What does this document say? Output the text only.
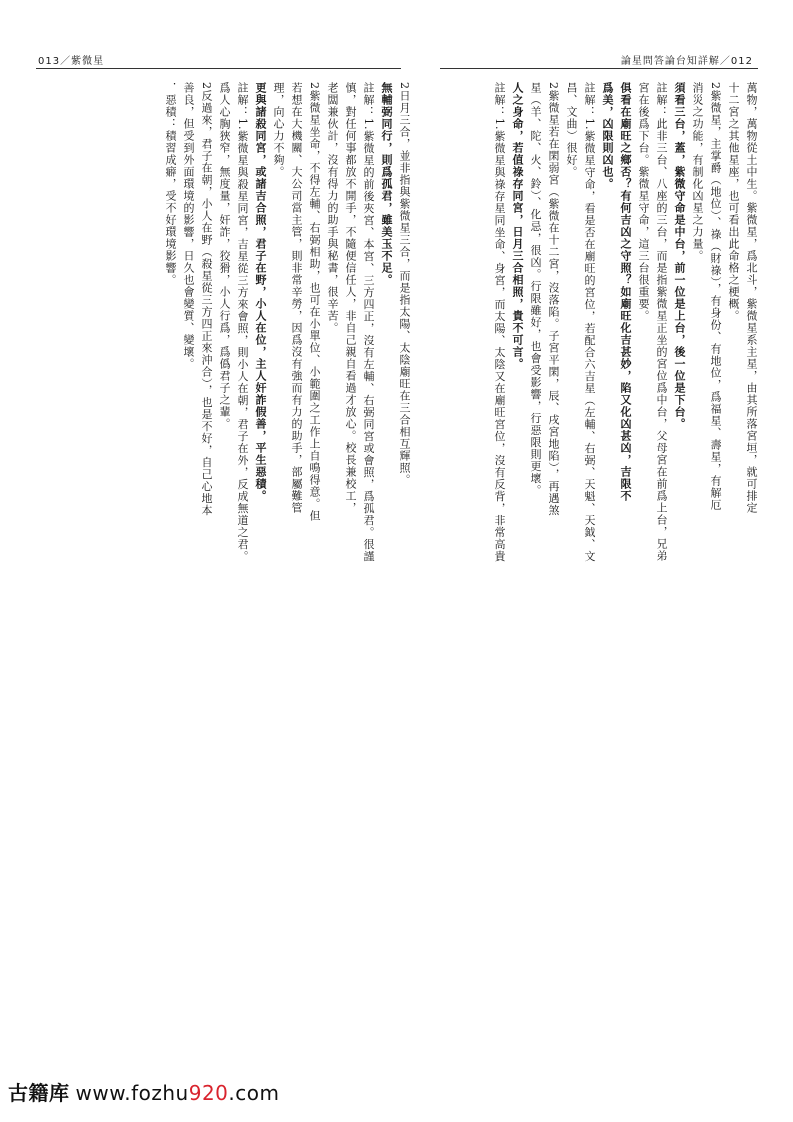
013／紫微星	論星問答論台知詳解／012
萬物，萬物從土中生。紫微星，爲北斗，紫微星系主星，由其所落宮垣，就可排定
十二宮之其他星座，也可看出此命格之梗概。
2紫微星，主掌爵（地位）、祿（財祿），有身份、有地位，爲福星、壽星，有解厄
消災之功能，有制化凶星之力量。
須看三台，蓋，紫微守命是中台，前一位是上台，後一位是下台。
註解：此非三台、八座的三台，而是指紫微星正坐的宮位爲中台，父母宮在前爲上台，兄弟
宮在後爲下台。紫微星守命，這三台很重要。
俱看在廟旺之鄉否？有何吉凶之守照？如廟旺化吉甚妙，陷又化凶甚凶，吉限不
爲美，凶限則凶也。
註解：1.紫微星守命，看是否在廟旺的宮位，若配合六吉星（左輔、右弼、天魁、天鉞、文
昌、文曲）很好。
2紫微星若在閑弱宮（紫微在十二宮，沒落陷。子宮平閑，辰、戌宮地陷），再遇煞
星（羊、陀、火、鈴）、化忌，很凶。行限雖好，也會受影響，行惡限則更壞。
人之身命，若值祿存同宮，日月三合相照，貴不可言。
註解：1.紫微星與祿存星同坐命、身宮，而太陽、太陰又在廟旺宮位，沒有反背，非常高貴
2日月三合，並非指與紫微星三合，而是指太陽、太陰廟旺在三合相互輝照。
無輔弼同行，則爲孤君，雖美玉不足。
註解：1.紫微星的前後夾宮、本宮、三方四正，沒有左輔、右弼同宮或會照，爲孤君。很謹
慎，對任何事都放不開手，不隨便信任人，非自己親自看過才放心。校長兼校工，
老闆兼伙計，沒有得力的助手與秘書，很辛苦。
2紫微星坐命，不得左輔、右弼相助，也可在小單位、小範圍之工作上自鳴得意。但
若想在大機關、大公司當主管，則非常辛勞，因爲沒有強而有力的助手，部屬難管
理，向心力不夠。
更與諸殺同宮，或諸吉合照，君子在野，小人在位，主人奸詐假善，平生惡積。
註解：1.紫微星與殺星同宮，吉星從三方來會照，則小人在朝，君子在外，反成無道之君。
爲人心胸狹窄，無度量，奸詐，狡猾，小人行爲，爲僞君子之輩。
2反過來，君子在朝，小人在野（殺星從三方四正來沖合），也是不好，自己心地本
善良，但受到外面環境的影響，日久也會變質、變壞。
．惡積：積習成癖，受不好環境影響。
古籍库 www.fozhu920.com
